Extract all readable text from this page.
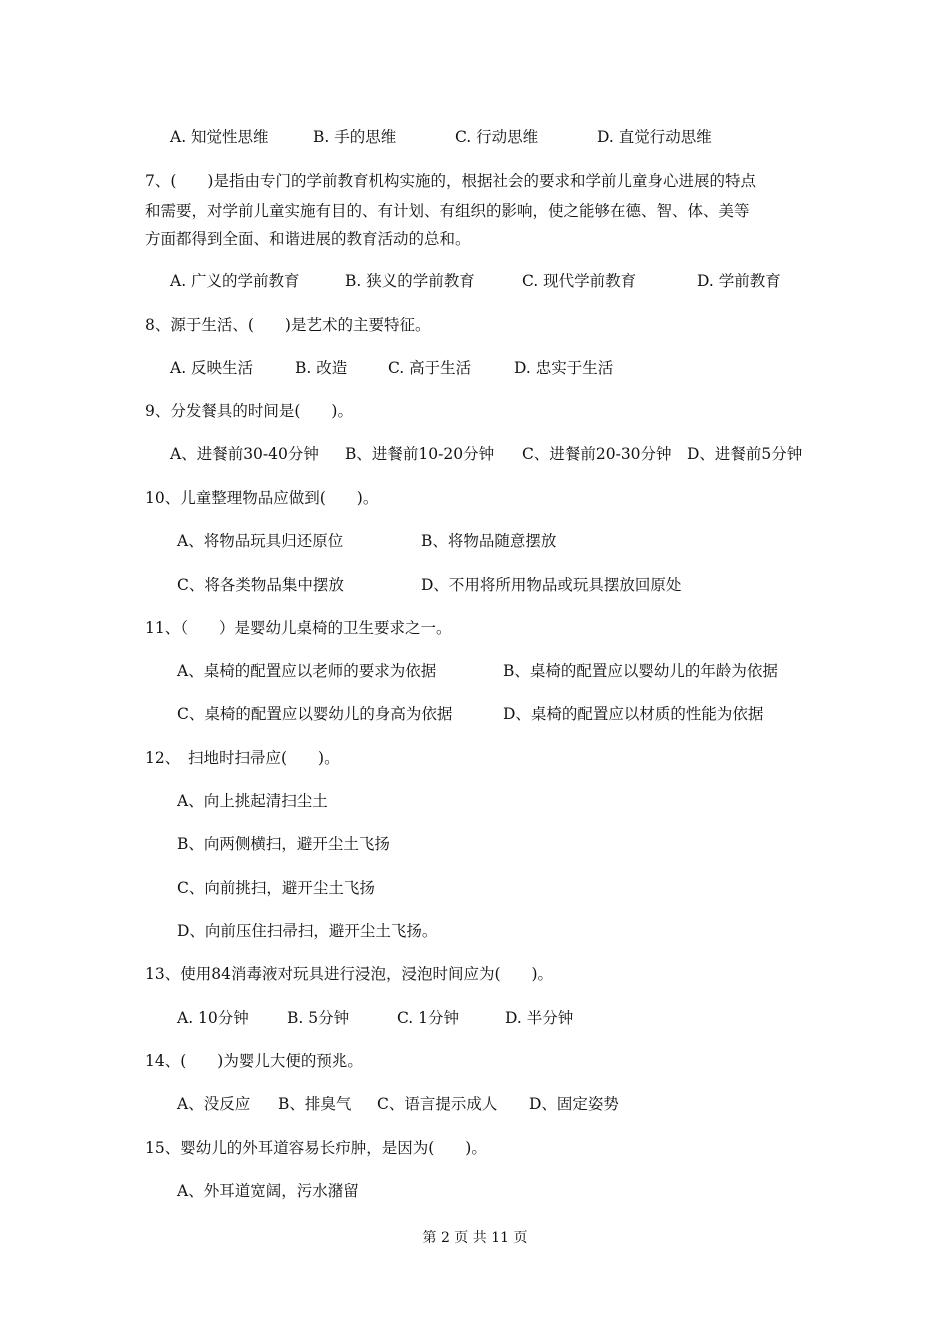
A. 知觉性思维	B. 手的思维	C. 行动思维	D. 直觉行动思维
7、(　　)是指由专门的学前教育机构实施的，根据社会的要求和学前儿童身心进展的特点
和需要，对学前儿童实施有目的、有计划、有组织的影响，使之能够在德、智、体、美等
方面都得到全面、和谐进展的教育活动的总和。
A. 广义的学前教育	B. 狭义的学前教育	C. 现代学前教育	D. 学前教育
8、源于生活、(　　)是艺术的主要特征。
A. 反映生活	B. 改造	C. 高于生活	D. 忠实于生活
9、分发餐具的时间是(　　)。
A、进餐前30-40分钟 B、进餐前10-20分钟 C、进餐前20-30分钟 D、进餐前5分钟
10、儿童整理物品应做到(　　)。
A、将物品玩具归还原位	B、将物品随意摆放
C、将各类物品集中摆放	D、不用将所用物品或玩具摆放回原处
11、（　　）是婴幼儿桌椅的卫生要求之一。
A、桌椅的配置应以老师的要求为依据	B、桌椅的配置应以婴幼儿的年龄为依据
C、桌椅的配置应以婴幼儿的身高为依据	D、桌椅的配置应以材质的性能为依据
12、　扫地时扫帚应(　　)。
A、向上挑起清扫尘土
B、向两侧横扫，避开尘土飞扬
C、向前挑扫，避开尘土飞扬
D、向前压住扫帚扫，避开尘土飞扬。
13、使用84消毒液对玩具进行浸泡，浸泡时间应为(　　)。
A. 10分钟 B. 5分钟	C. 1分钟	D. 半分钟
14、(　　)为婴儿大便的预兆。
A、没反应 B、排臭气 C、语言提示成人 D、固定姿势
15、婴幼儿的外耳道容易长疖肿，是因为(　　)。
A、外耳道宽阔，污水潴留
第 2 页 共 11 页
